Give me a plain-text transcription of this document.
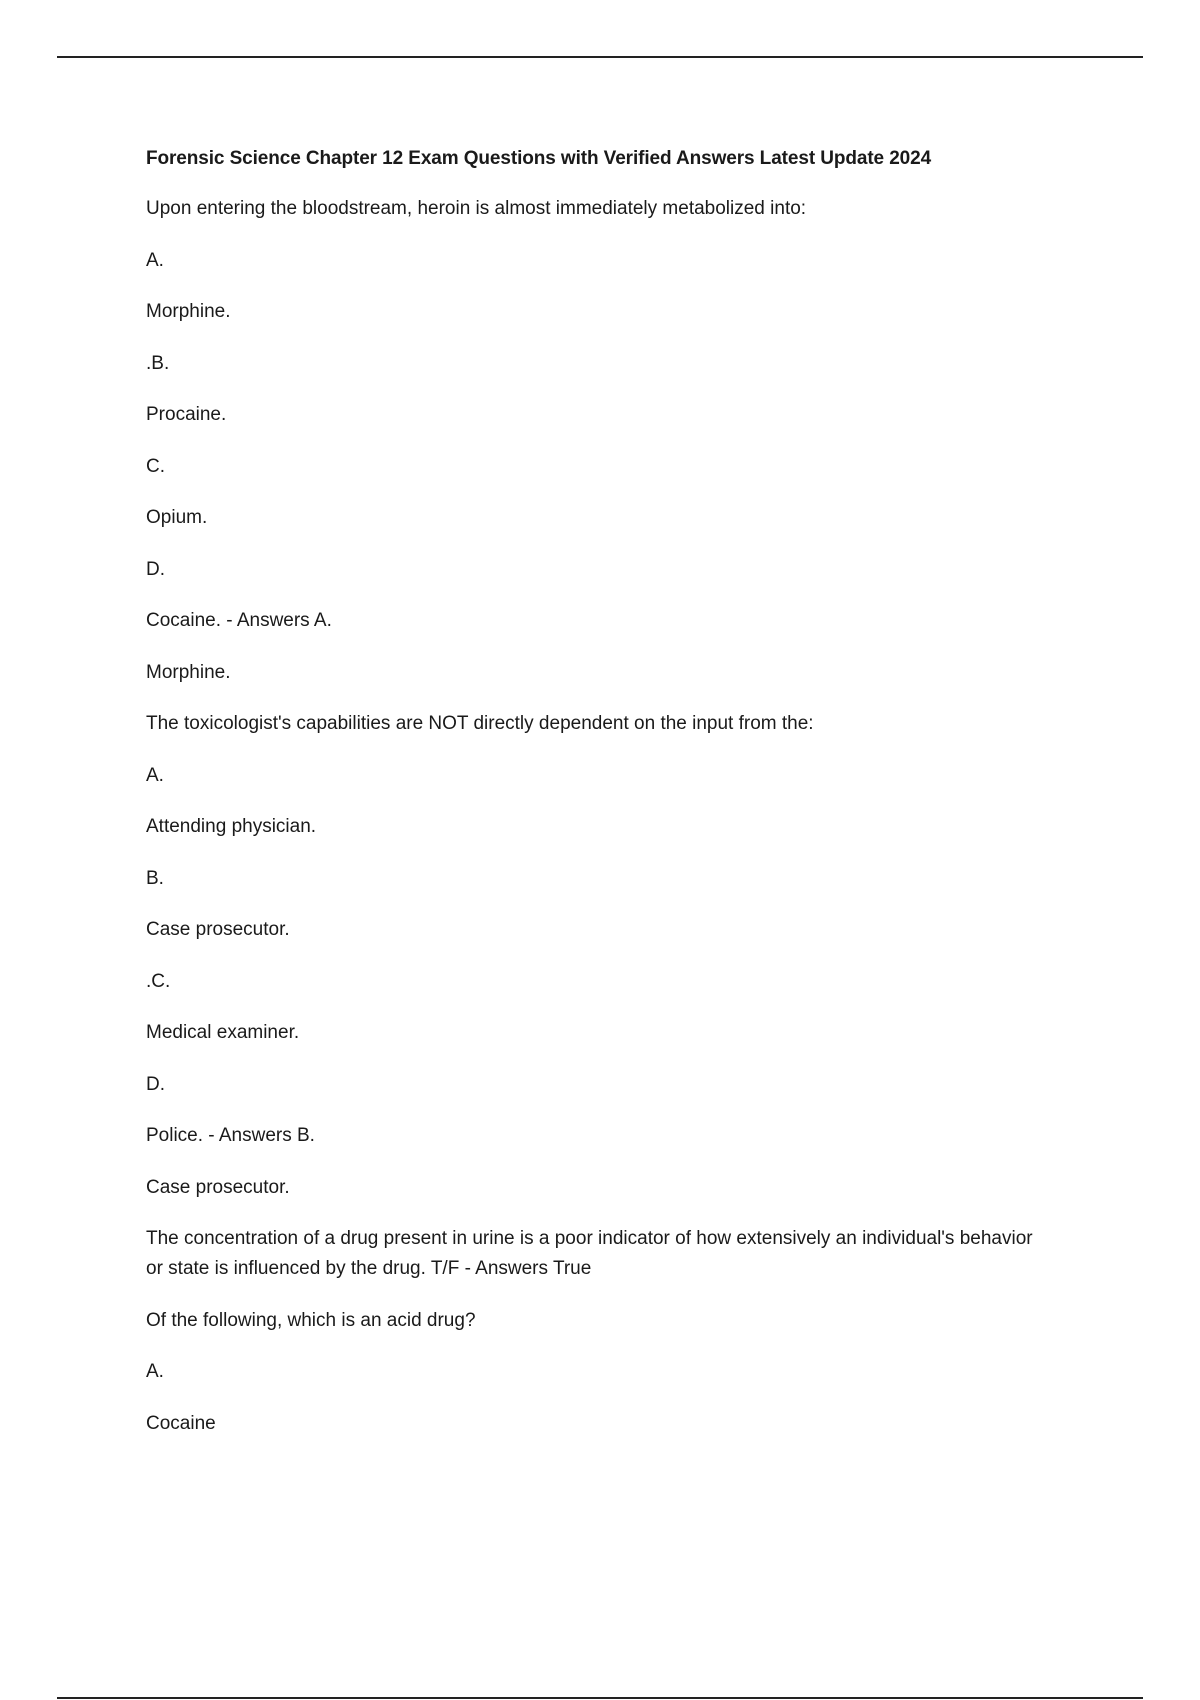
Forensic Science Chapter 12 Exam Questions with Verified Answers Latest Update 2024
Upon entering the bloodstream, heroin is almost immediately metabolized into:
A.
Morphine.
.B.
Procaine.
C.
Opium.
D.
Cocaine. - Answers A.
Morphine.
The toxicologist's capabilities are NOT directly dependent on the input from the:
A.
Attending physician.
B.
Case prosecutor.
.C.
Medical examiner.
D.
Police. - Answers B.
Case prosecutor.
The concentration of a drug present in urine is a poor indicator of how extensively an individual's behavior or state is influenced by the drug. T/F - Answers True
Of the following, which is an acid drug?
A.
Cocaine
